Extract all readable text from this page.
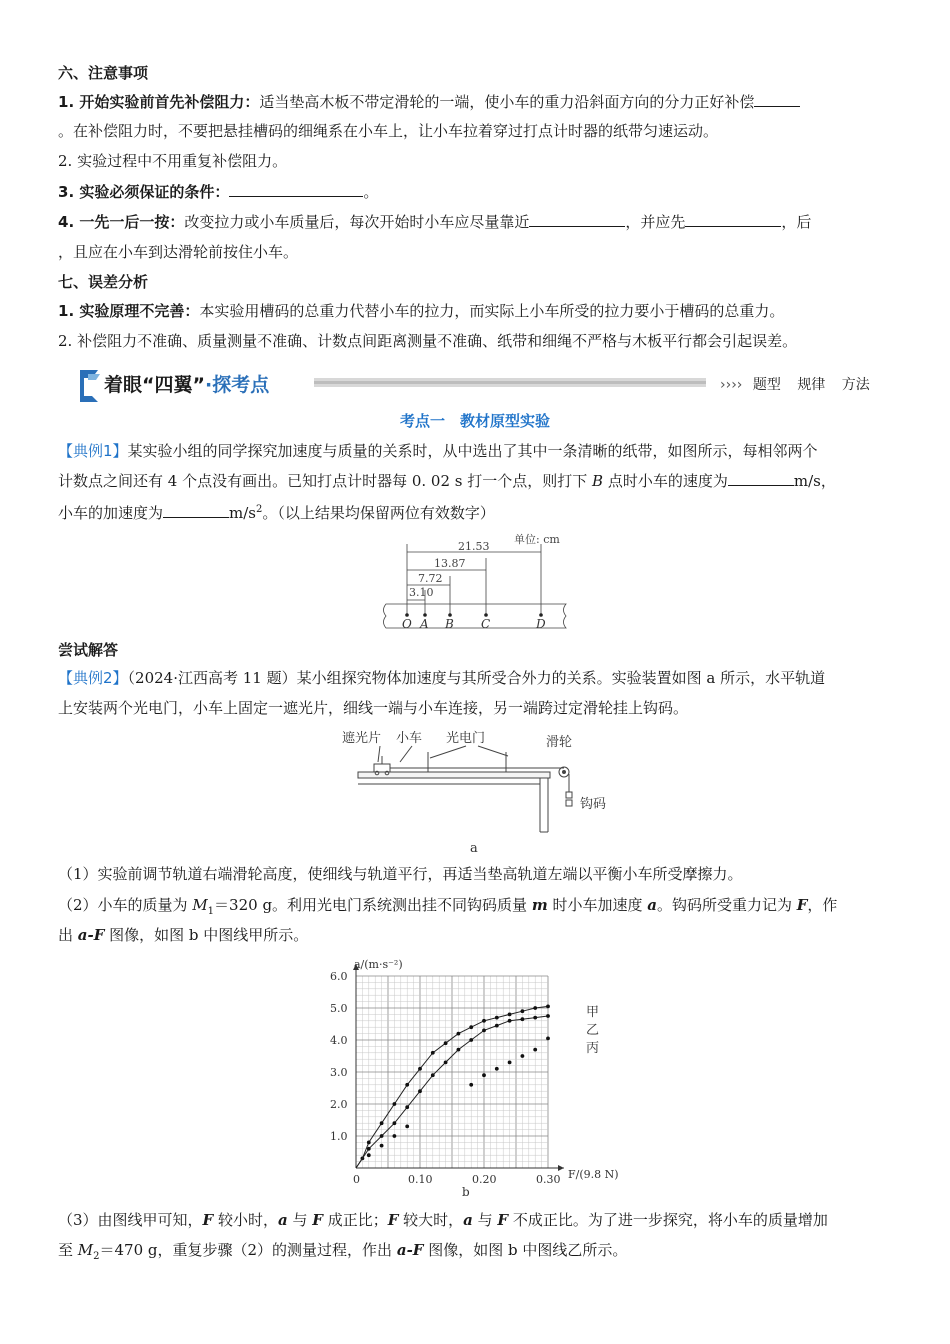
六、注意事项
1. 开始实验前首先补偿阻力：适当垫高木板不带定滑轮的一端，使小车的重力沿斜面方向的分力正好补偿
。在补偿阻力时，不要把悬挂槽码的细绳系在小车上，让小车拉着穿过打点计时器的纸带匀速运动。
2. 实验过程中不用重复补偿阻力。
3. 实验必须保证的条件：	。
4. 一先一后一按：改变拉力或小车质量后，每次开始时小车应尽量靠近	，并应先	，后
，且应在小车到达滑轮前按住小车。
七、误差分析
1. 实验原理不完善：本实验用槽码的总重力代替小车的拉力，而实际上小车所受的拉力要小于槽码的总重力。
2. 补偿阻力不准确、质量测量不准确、计数点间距离测量不准确、纸带和细绳不严格与木板平行都会引起误差。
着眼“四翼”·探考点	›››› 题型 规律 方法
考点一　教材原型实验
【典例1】某实验小组的同学探究加速度与质量的关系时，从中选出了其中一条清晰的纸带，如图所示，每相邻两个
计数点之间还有 4 个点没有画出。已知打点计时器每 0. 02 s 打一个点，则打下 B 点时小车的速度为	m/s，
小车的加速度为	$m/s^2$。（以上结果均保留两位有效数字）
单位: cm
21.53
13.87
7.72
3.10
O A B C	D
尝试解答
【典例2】（2024·江西高考 11 题）某小组探究物体加速度与其所受合外力的关系。实验装置如图 a 所示，水平轨道
上安装两个光电门，小车上固定一遮光片，细线一端与小车连接，另一端跨过定滑轮挂上钩码。
遮光片 小车 光电门	滑轮
钩码
a
（1）实验前调节轨道右端滑轮高度，使细线与轨道平行，再适当垫高轨道左端以平衡小车所受摩擦力。
（2）小车的质量为 $M_1=320$ g。利用光电门系统测出挂不同钩码质量 m 时小车加速度 a。钩码所受重力记为 F，作
出 a-F 图像，如图 b 中图线甲所示。
0	0.10	0.20	0.30
1.0
2.0
3.0
4.0
5.0
6.0
a/(m·s⁻²)
F/(9.8 N)
b
甲
乙
丙
（3）由图线甲可知，F 较小时，a 与 F 成正比；F 较大时，a 与 F 不成正比。为了进一步探究，将小车的质量增加
至 $M_2=470$ g，重复步骤（2）的测量过程，作出 a-F 图像，如图 b 中图线乙所示。
